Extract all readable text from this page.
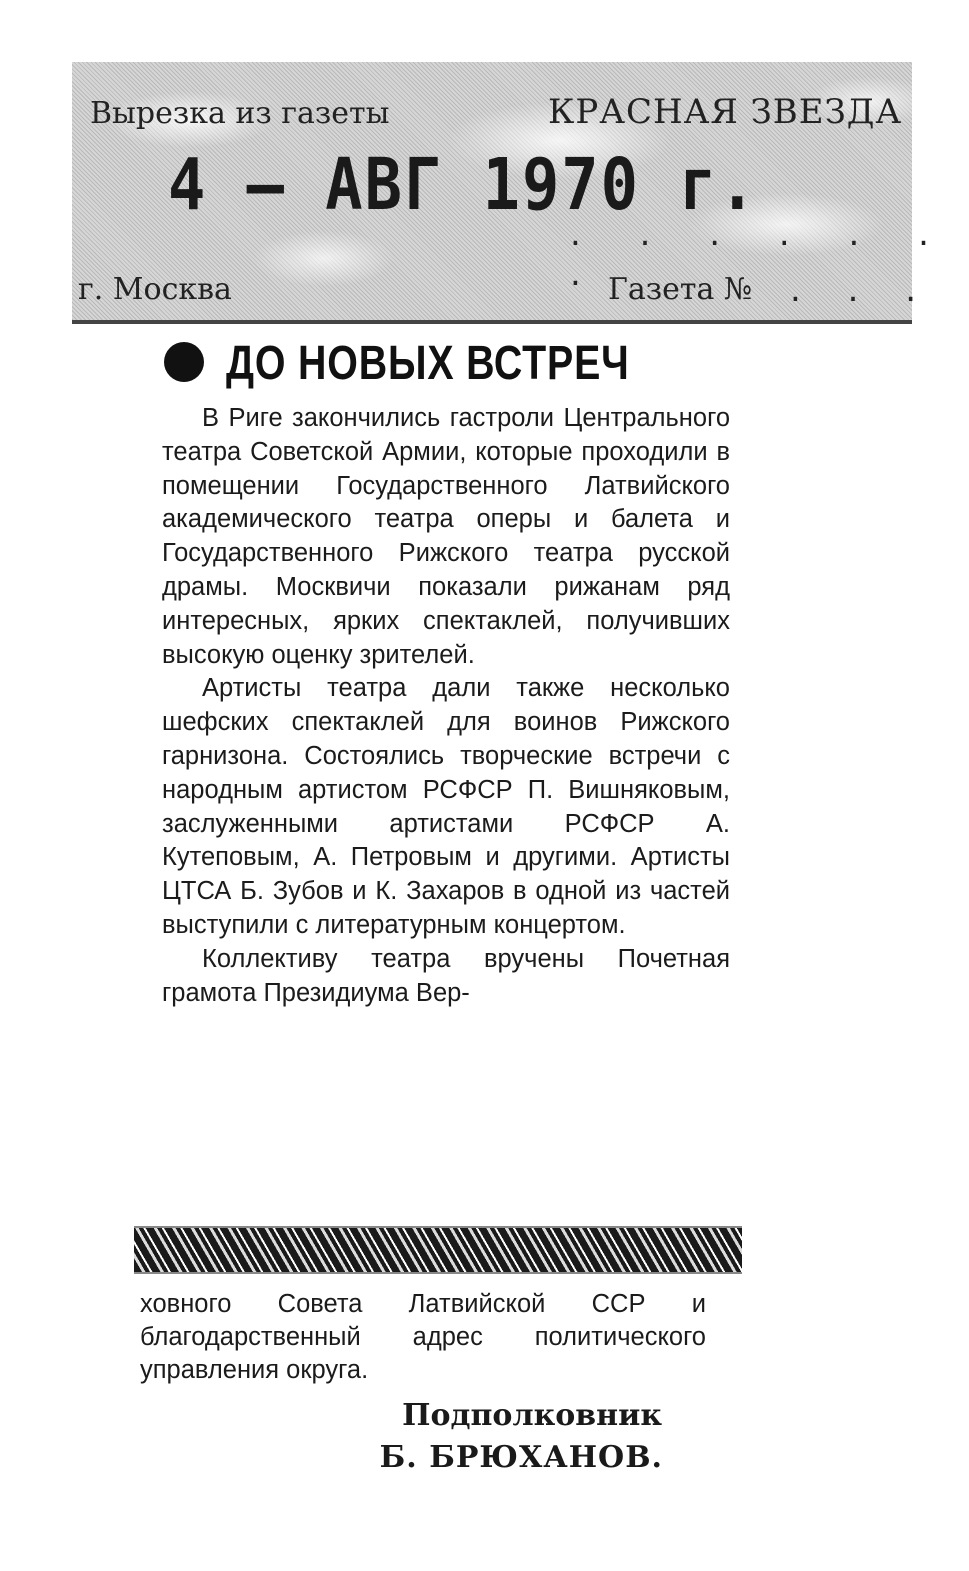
Вырезка из газеты	КРАСНАЯ ЗВЕЗДА
4 — АВГ 1970 г.
. . . . . . .
г. Москва	Газета № . . .
ДО НОВЫХ ВСТРЕЧ

В Риге закончились гастроли Центрального театра Советской Армии, которые проходили в помещении Государственного Латвийского академического театра оперы и балета и Государственного Рижского театра русской драмы. Москвичи показали рижанам ряд интересных, ярких спектаклей, получивших высокую оценку зрителей.

Артисты театра дали также несколько шефских спектаклей для воинов Рижского гарнизона. Состоялись творческие встречи с народным артистом РСФСР П. Вишняковым, заслуженными артистами РСФСР А. Кутеповым, А. Петровым и другими. Артисты ЦТСА Б. Зубов и К. Захаров в одной из частей выступили с литературным концертом.

Коллективу театра вручены Почетная грамота Президиума Вер-

ховного Совета Латвийской ССР и благодарственный адрес политического управления округа.

Подполковник
Б. БРЮХАНОВ.
